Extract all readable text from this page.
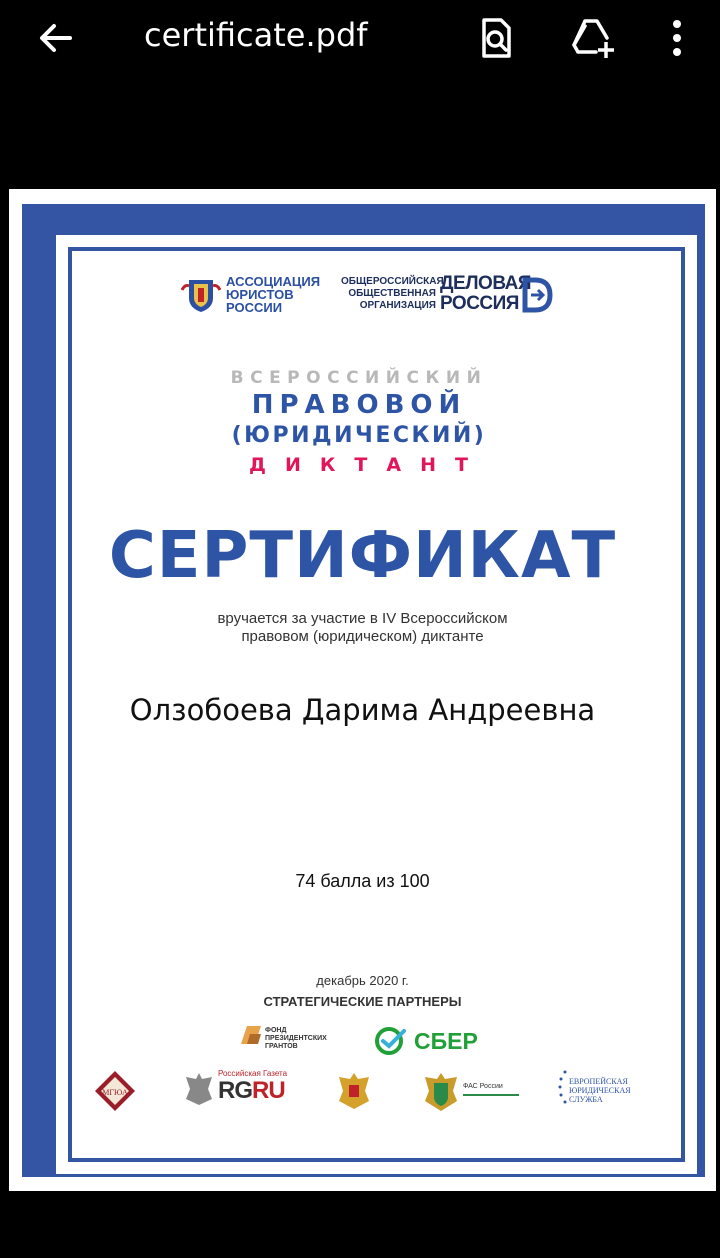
certificate.pdf
АССОЦИАЦИЯ
ЮРИСТОВ
РОССИИ
ОБЩЕРОССИЙСКАЯ
ОБЩЕСТВЕННАЯ
ОРГАНИЗАЦИЯ
ДЕЛОВАЯ
РОССИЯ
ВСЕРОССИЙСКИЙ
ПРАВОВОЙ
(ЮРИДИЧЕСКИЙ)
ДИКТАНТ
СЕРТИФИКАТ
вручается за участие в IV Всероссийском
правовом (юридическом) диктанте
Олзобоева Дарима Андреевна
74 балла из 100
декабрь 2020 г.
СТРАТЕГИЧЕСКИЕ ПАРТНЕРЫ
ФОНД
ПРЕЗИДЕНТСКИХ
ГРАНТОВ	СБЕР
МГЮА
Российская Газета
RGRU	ФАС России
ЕВРОПЕЙСКАЯ
ЮРИДИЧЕСКАЯ
СЛУЖБА
